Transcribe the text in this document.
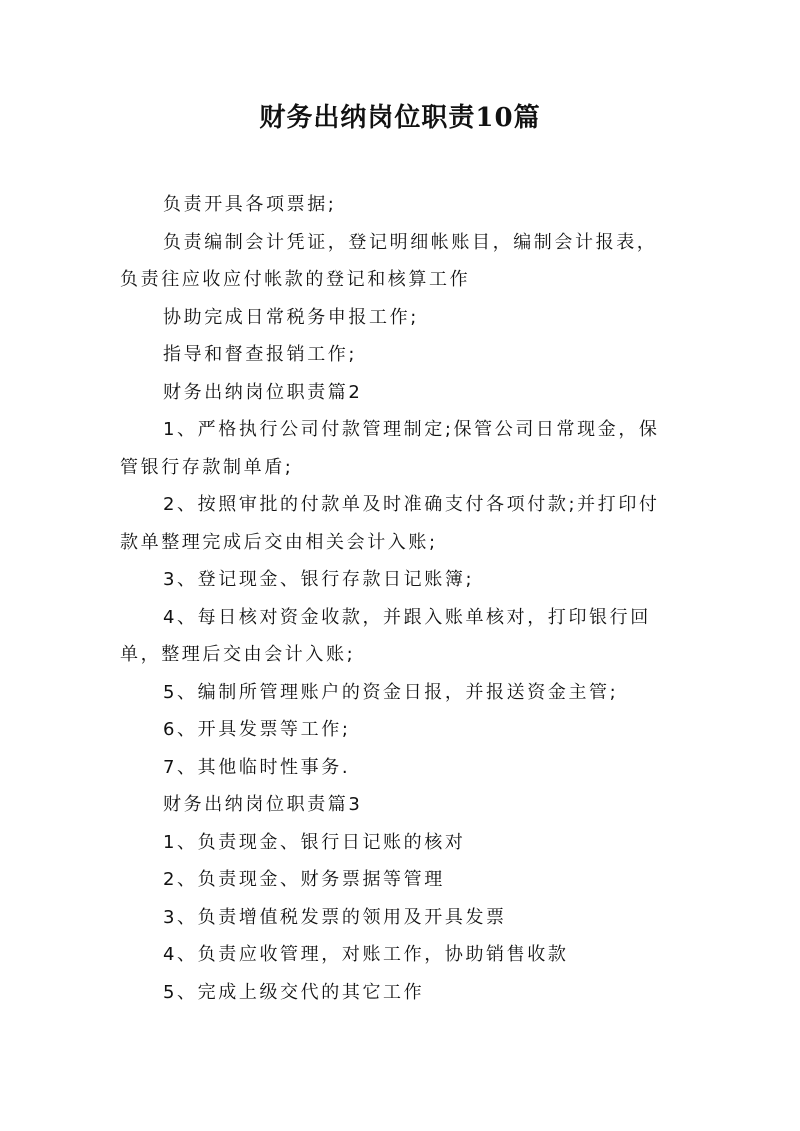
财务出纳岗位职责10篇
负责开具各项票据;
负责编制会计凭证，登记明细帐账目，编制会计报表，
负责往应收应付帐款的登记和核算工作
协助完成日常税务申报工作;
指导和督查报销工作;
财务出纳岗位职责篇2
1、严格执行公司付款管理制定;保管公司日常现金，保
管银行存款制单盾;
2、按照审批的付款单及时准确支付各项付款;并打印付
款单整理完成后交由相关会计入账;
3、登记现金、银行存款日记账簿;
4、每日核对资金收款，并跟入账单核对，打印银行回
单，整理后交由会计入账;
5、编制所管理账户的资金日报，并报送资金主管;
6、开具发票等工作;
7、其他临时性事务.
财务出纳岗位职责篇3
1、负责现金、银行日记账的核对
2、负责现金、财务票据等管理
3、负责增值税发票的领用及开具发票
4、负责应收管理，对账工作，协助销售收款
5、完成上级交代的其它工作
